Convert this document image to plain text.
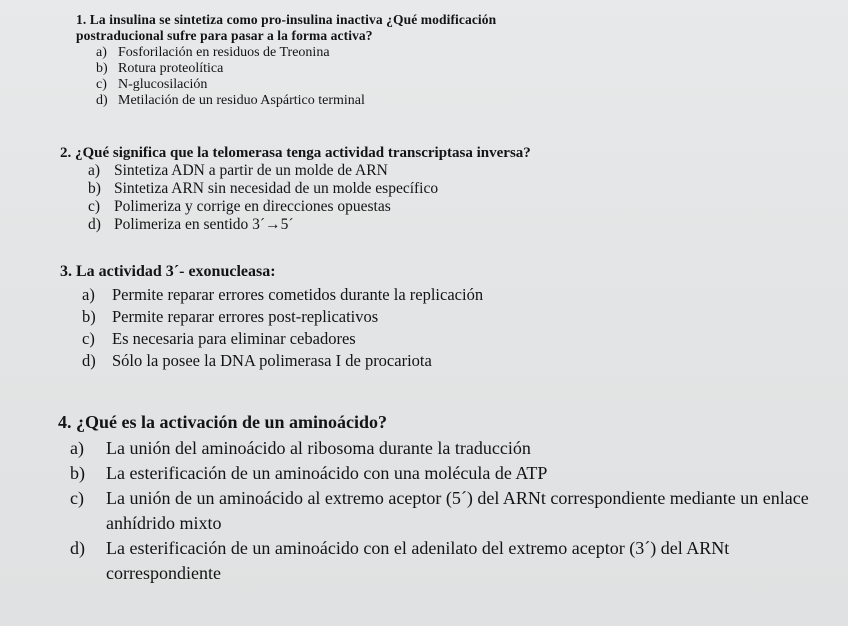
1. La insulina se sintetiza como pro-insulina inactiva ¿Qué modificación

postraducional sufre para pasar a la forma activa?

a) Fosforilación en residuos de Treonina
b) Rotura proteolítica
c) N-glucosilación
d) Metilación de un residuo Aspártico terminal

2. ¿Qué significa que la telomerasa tenga actividad transcriptasa inversa?

a) Sintetiza ADN a partir de un molde de ARN
b) Sintetiza ARN sin necesidad de un molde específico
c) Polimeriza y corrige en direcciones opuestas
d) Polimeriza en sentido 3´→5´

3. La actividad 3´- exonucleasa:

a)	Permite reparar errores cometidos durante la replicación
b) Permite reparar errores post-replicativos
c)	Es necesaria para eliminar cebadores
d) Sólo la posee la DNA polimerasa I de procariota

4. ¿Qué es la activación de un aminoácido?

a)	La unión del aminoácido al ribosoma durante la traducción
b)	La esterificación de un aminoácido con una molécula de ATP
c)	La unión de un aminoácido al extremo aceptor (5´) del ARNt correspondiente mediante un enlace anhídrido mixto
d)	La esterificación de un aminoácido con el adenilato del extremo aceptor (3´) del ARNt correspondiente
